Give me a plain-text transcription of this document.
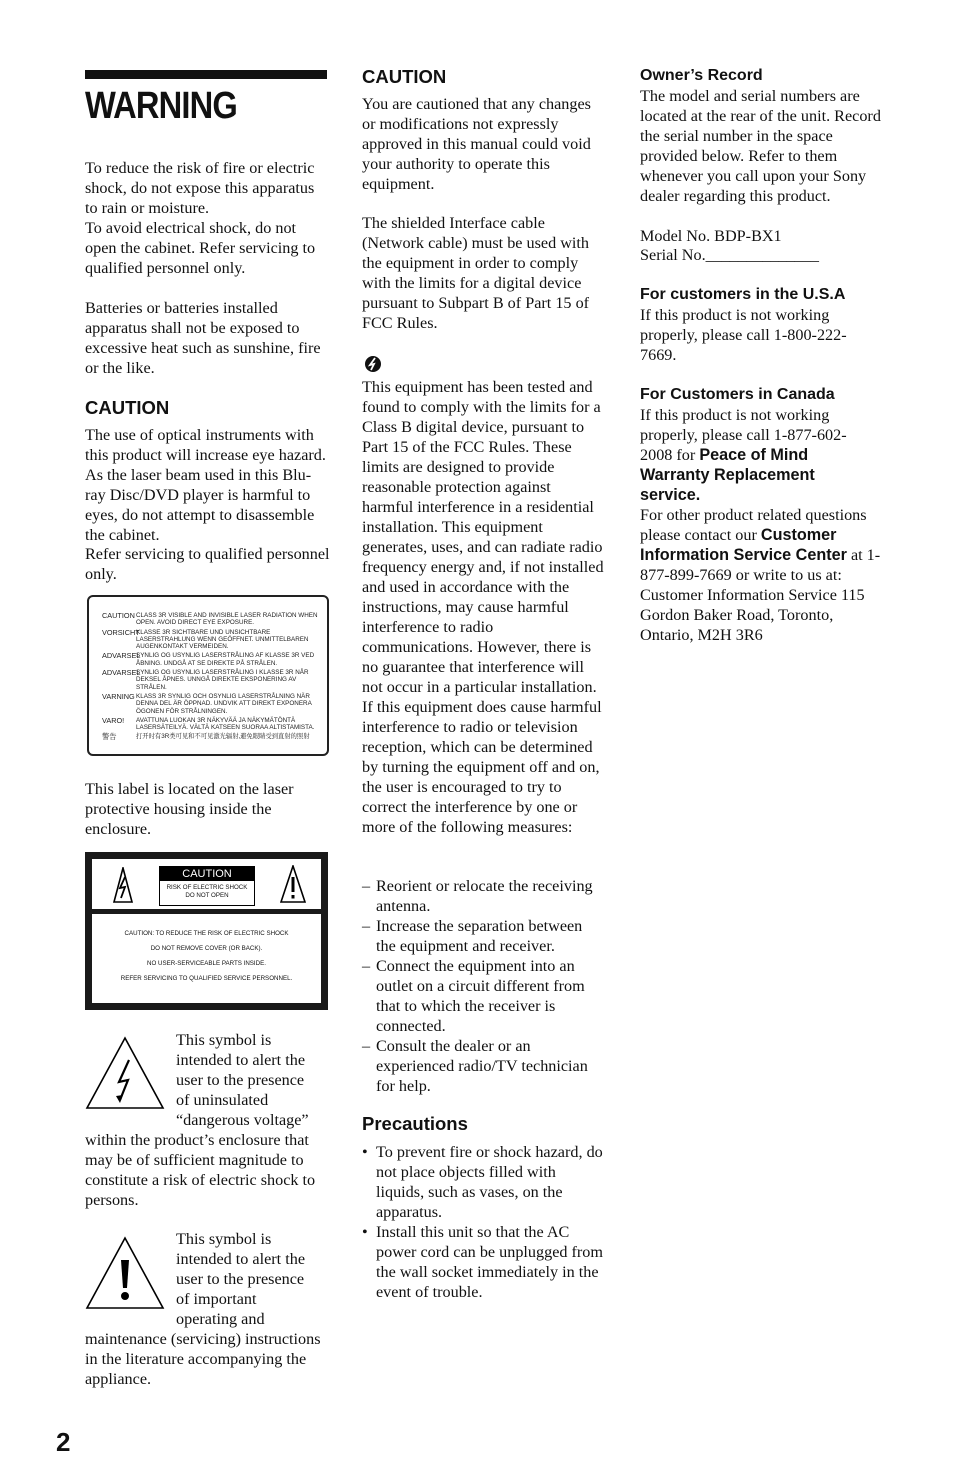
WARNING

To reduce the risk of fire or electric shock, do not expose this apparatus to rain or moisture.

To avoid electrical shock, do not open the cabinet. Refer servicing to qualified personnel only.

Batteries or batteries installed apparatus shall not be exposed to excessive heat such as sunshine, fire or the like.

CAUTION

The use of optical instruments with this product will increase eye hazard. As the laser beam used in this Blu-ray Disc/DVD player is harmful to eyes, do not attempt to disassemble the cabinet.

Refer servicing to qualified personnel only.

CAUTION CLASS 3R VISIBLE AND INVISIBLE LASER RADIATION WHEN OPEN. AVOID DIRECT EYE EXPOSURE.
VORSICHT
KLASSE 3R SICHTBARE UND UNSICHTBARE LASERSTRAHLUNG WENN GEÖFFNET. UNMITTELBAREN AUGENKONTAKT VERMEIDEN.
ADVARSEL
SYNLIG OG USYNLIG LASERSTRÅLING AF KLASSE 3R VED ÅBNING. UNDGÅ AT SE DIREKTE PÅ STRÅLEN.
ADVARSEL
SYNLIG OG USYNLIG LASERSTRÅLING I KLASSE 3R NÅR DEKSEL ÅPNES. UNNGÅ DIREKTE EKSPONERING AV STRÅLEN.
VARNING KLASS 3R SYNLIG OCH OSYNLIG LASERSTRÅLNING NÄR DENNA DEL ÄR ÖPPNAD. UNDVIK ATT DIREKT EXPONERA ÖGONEN FÖR STRÅLNINGEN.
VARO!	AVATTUNA LUOKAN 3R NÄKYVÄÄ JA NÄKYMÄTÖNTÄ LASERSÄTEILYÄ. VÄLTÄ KATSEEN SUORAA ALTISTAMISTA.
警告	打开时有3R类可见和不可见激光辐射,避免眼睛受到直射的照射

This label is located on the laser protective housing inside the enclosure.

CAUTION
RISK OF ELECTRIC SHOCK
DO NOT OPEN
CAUTION: TO REDUCE THE RISK OF ELECTRIC SHOCK
DO NOT REMOVE COVER (OR BACK).
NO USER-SERVICEABLE PARTS INSIDE.
REFER SERVICING TO QUALIFIED SERVICE PERSONNEL.

This symbol is

intended to alert the

user to the presence

of uninsulated

“dangerous voltage”

within the product’s enclosure that may be of sufficient magnitude to constitute a risk of electric shock to persons.

This symbol is

intended to alert the

user to the presence

of important

operating and

maintenance (servicing) instructions in the literature accompanying the appliance.

CAUTION

You are cautioned that any changes or modifications not expressly approved in this manual could void your authority to operate this equipment.

The shielded Interface cable (Network cable) must be used with the equipment in order to comply with the limits for a digital device pursuant to Subpart B of Part 15 of FCC Rules.

This equipment has been tested and found to comply with the limits for a Class B digital device, pursuant to Part 15 of the FCC Rules. These limits are designed to provide reasonable protection against harmful interference in a residential installation. This equipment generates, uses, and can radiate radio frequency energy and, if not installed and used in accordance with the instructions, may cause harmful interference to radio communications. However, there is no guarantee that interference will not occur in a particular installation. If this equipment does cause harmful interference to radio or television reception, which can be determined by turning the equipment off and on, the user is encouraged to try to correct the interference by one or more of the following measures:

– Reorient or relocate the receiving antenna.
– Increase the separation between the equipment and receiver.
– Connect the equipment into an outlet on a circuit different from that to which the receiver is connected.
– Consult the dealer or an experienced radio/TV technician for help.
Precautions
• To prevent fire or shock hazard, do not place objects filled with liquids, such as vases, on the apparatus.
• Install this unit so that the AC power cord can be unplugged from the wall socket immediately in the event of trouble.
Owner’s Record

The model and serial numbers are located at the rear of the unit. Record the serial number in the space provided below. Refer to them whenever you call upon your Sony dealer regarding this product.

Model No. BDP-BX1

Serial No.______________

For customers in the U.S.A

If this product is not working properly, please call 1-800-222-7669.

For Customers in Canada

If this product is not working properly, please call 1-877-602-2008 for Peace of Mind Warranty Replacement service.

For other product related questions please contact our Customer Information Service Center at 1-877-899-7669 or write to us at: Customer Information Service 115 Gordon Baker Road, Toronto, Ontario, M2H 3R6

2
